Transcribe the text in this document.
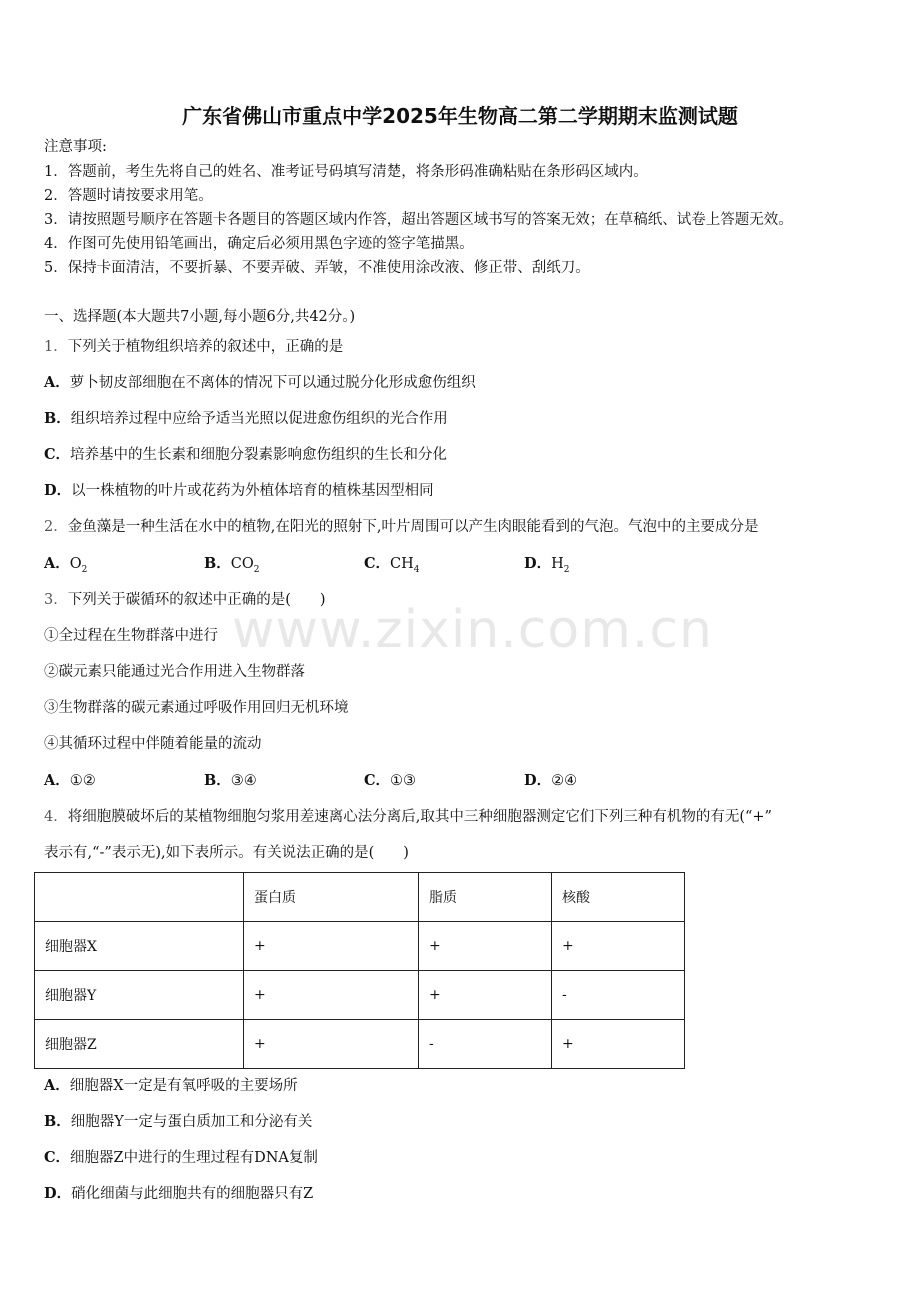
广东省佛山市重点中学2025年生物高二第二学期期末监测试题
注意事项:
1．答题前，考生先将自己的姓名、准考证号码填写清楚，将条形码准确粘贴在条形码区域内。
2．答题时请按要求用笔。
3．请按照题号顺序在答题卡各题目的答题区域内作答，超出答题区域书写的答案无效；在草稿纸、试卷上答题无效。
4．作图可先使用铅笔画出，确定后必须用黑色字迹的签字笔描黑。
5．保持卡面清洁，不要折暴、不要弄破、弄皱，不准使用涂改液、修正带、刮纸刀。
一、选择题(本大题共7小题,每小题6分,共42分。)
1．下列关于植物组织培养的叙述中，正确的是
A．萝卜韧皮部细胞在不离体的情况下可以通过脱分化形成愈伤组织
B．组织培养过程中应给予适当光照以促进愈伤组织的光合作用
C．培养基中的生长素和细胞分裂素影响愈伤组织的生长和分化
D．以一株植物的叶片或花药为外植体培育的植株基因型相同
2．金鱼藻是一种生活在水中的植物,在阳光的照射下,叶片周围可以产生肉眼能看到的气泡。气泡中的主要成分是
A．$O_2$	B．$CO_2$	C．$CH_4$	D．$H_2$
3．下列关于碳循环的叙述中正确的是(　　)
①全过程在生物群落中进行
②碳元素只能通过光合作用进入生物群落
③生物群落的碳元素通过呼吸作用回归无机环境
④其循环过程中伴随着能量的流动
A．①②	B．③④	C．①③	D．②④
4．将细胞膜破坏后的某植物细胞匀浆用差速离心法分离后,取其中三种细胞器测定它们下列三种有机物的有无(“+”
表示有,“-”表示无),如下表所示。有关说法正确的是(　　)
	蛋白质	脂质	核酸
细胞器X	+	+	+
细胞器Y	+	+	-
细胞器Z	+	-	+
A．细胞器X一定是有氧呼吸的主要场所
B．细胞器Y一定与蛋白质加工和分泌有关
C．细胞器Z中进行的生理过程有DNA复制
D．硝化细菌与此细胞共有的细胞器只有Z
www.zixin.com.cn
